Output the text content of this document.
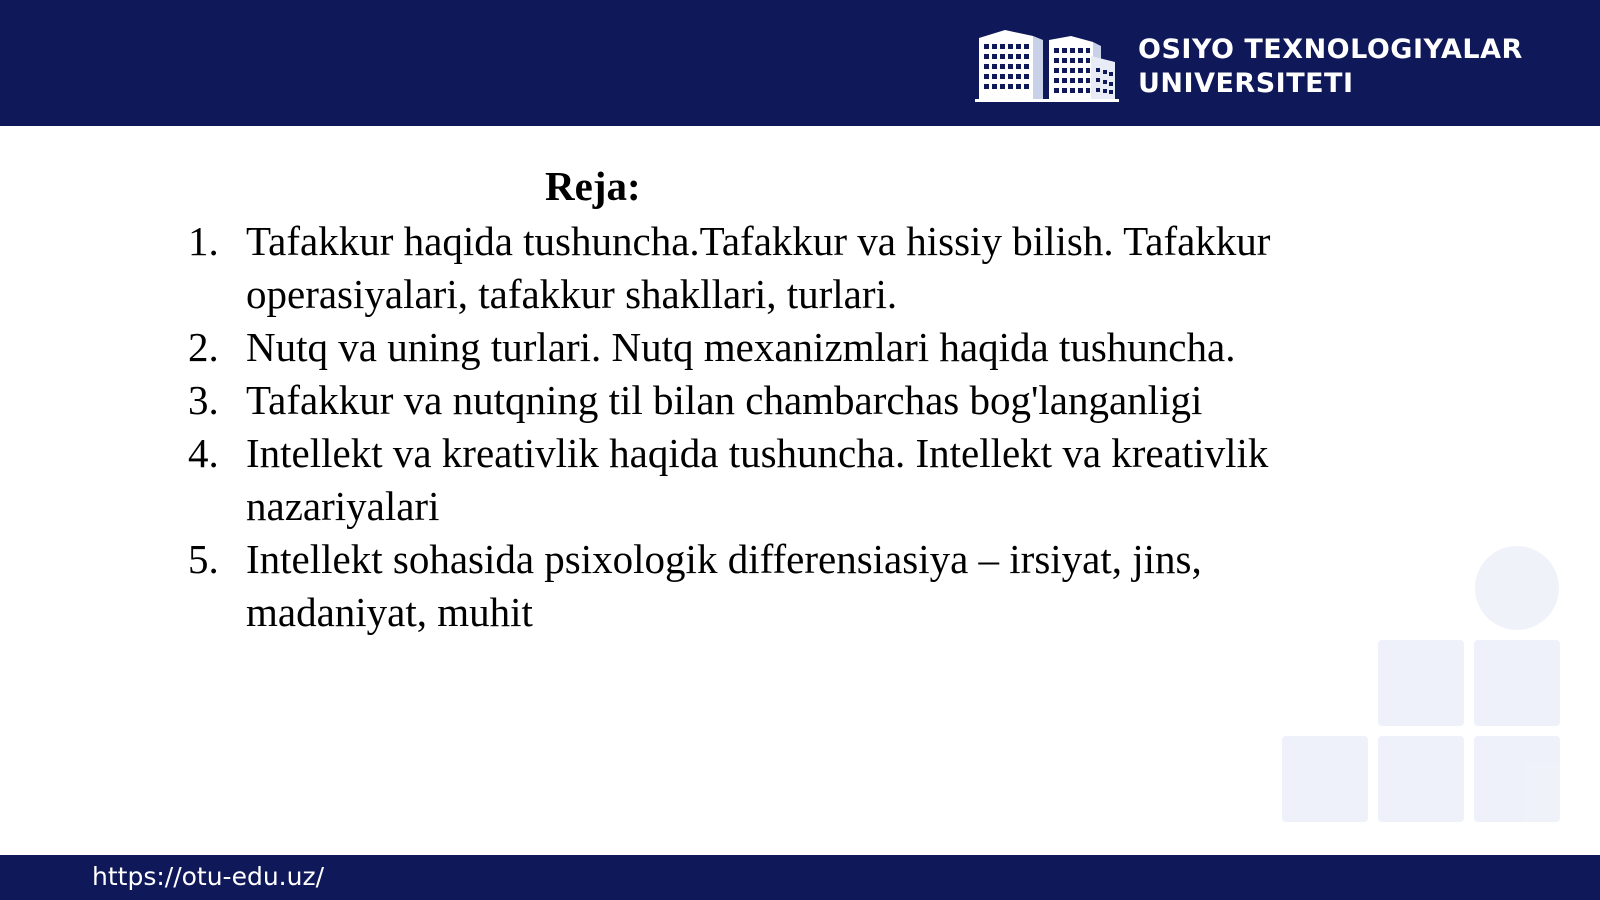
OSIYO TEXNOLOGIYALAR
UNIVERSITETI
Reja:
1. Tafakkur haqida tushuncha.Tafakkur va hissiy bilish. Tafakkur operasiyalari, tafakkur shakllari, turlari.
2. Nutq va uning turlari. Nutq mexanizmlari haqida tushuncha.
3. Tafakkur va nutqning til bilan chambarchas bog'langanligi
4. Intellekt va kreativlik haqida tushuncha. Intellekt va kreativlik nazariyalari
5. Intellekt sohasida psixologik differensiasiya – irsiyat, jins, madaniyat, muhit
https://otu-edu.uz/
